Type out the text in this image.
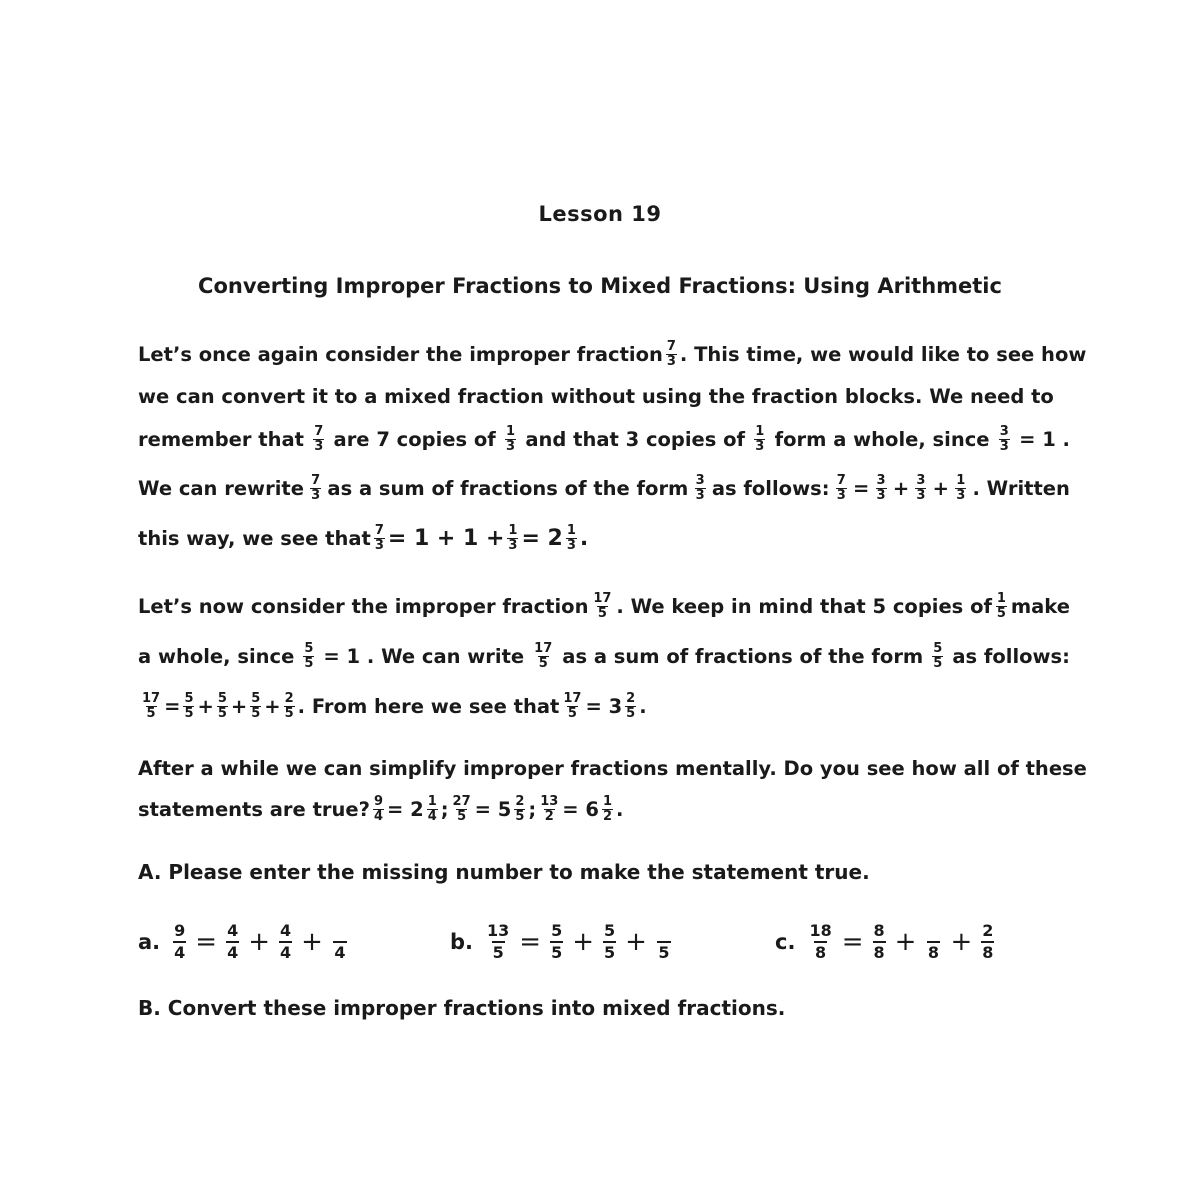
Lesson 19
Converting Improper Fractions to Mixed Fractions: Using Arithmetic
Let’s once again consider the improper fraction $\frac{7}{3}$ . This time, we would like to see how
we can convert it to a mixed fraction without using the fraction blocks. We need to
remember that $\frac{7}{3}$ are 7 copies of $\frac{1}{3}$ and that 3 copies of $\frac{1}{3}$ form a whole, since $\frac{3}{3} = 1$ .
We can rewrite $\frac{7}{3}$ as a sum of fractions of the form $\frac{3}{3}$ as follows: $\frac{7}{3} = \frac{3}{3} + \frac{3}{3} + \frac{1}{3}$ . Written
this way, we see that $\frac{7}{3} = 1 + 1 + \frac{1}{3} = 2 \frac{1}{3}$ .
Let’s now consider the improper fraction $\frac{17}{5}$ . We keep in mind that 5 copies of $\frac{1}{5}$ make
a whole, since $\frac{5}{5} = 1$ . We can write $\frac{17}{5}$ as a sum of fractions of the form $\frac{5}{5}$ as follows:
$\frac{17}{5} = \frac{5}{5} + \frac{5}{5} + \frac{5}{5} + \frac{2}{5}$ . From here we see that $\frac{17}{5} = 3 \frac{2}{5}$ .
After a while we can simplify improper fractions mentally. Do you see how all of these
statements are true? $\frac{9}{4} = 2 \frac{1}{4}$ ; $\frac{27}{5} = 5 \frac{2}{5}$ ; $\frac{13}{2} = 6 \frac{1}{2}$ .
A. Please enter the missing number to make the statement true.
a. $\frac{9}{4} = \frac{4}{4} + \frac{4}{4} + 4$	b. $\frac{13}{5} = \frac{5}{5} + \frac{5}{5} + 5$	c. $\frac{18}{8} = \frac{8}{8} + 8 + \frac{2}{8}$
B. Convert these improper fractions into mixed fractions.
